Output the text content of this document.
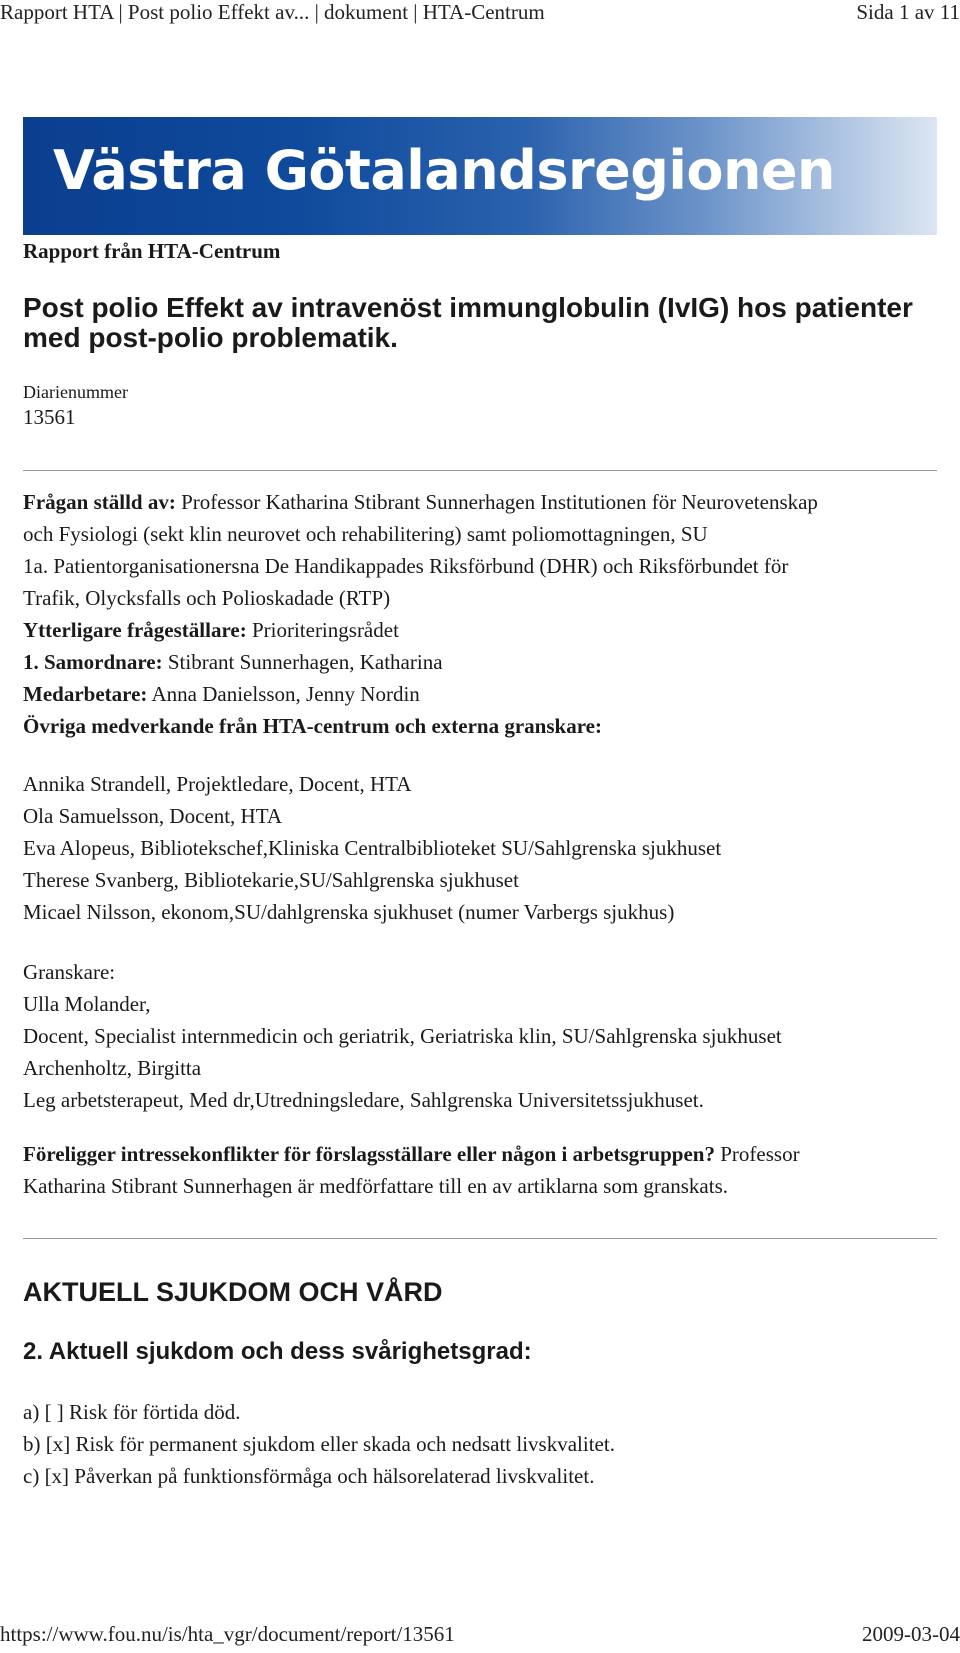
Rapport HTA | Post polio Effekt av... | dokument | HTA-Centrum	Sida 1 av 11
Västra Götalandsregionen
Rapport från HTA-Centrum
Post polio Effekt av intravenöst immunglobulin (IvIG) hos patienter med post-polio problematik.
Diarienummer
13561
Frågan ställd av: Professor Katharina Stibrant Sunnerhagen Institutionen för Neurovetenskap
och Fysiologi (sekt klin neurovet och rehabilitering) samt poliomottagningen, SU
1a. Patientorganisationersna De Handikappades Riksförbund (DHR) och Riksförbundet för
Trafik, Olycksfalls och Polioskadade (RTP)
Ytterligare frågeställare: Prioriteringsrådet
1. Samordnare: Stibrant Sunnerhagen, Katharina
Medarbetare: Anna Danielsson, Jenny Nordin
Övriga medverkande från HTA-centrum och externa granskare:
Annika Strandell, Projektledare, Docent, HTA
Ola Samuelsson, Docent, HTA
Eva Alopeus, Bibliotekschef,Kliniska Centralbiblioteket SU/Sahlgrenska sjukhuset
Therese Svanberg, Bibliotekarie,SU/Sahlgrenska sjukhuset
Micael Nilsson, ekonom,SU/dahlgrenska sjukhuset (numer Varbergs sjukhus)
Granskare:
Ulla Molander,
Docent, Specialist internmedicin och geriatrik, Geriatriska klin, SU/Sahlgrenska sjukhuset
Archenholtz, Birgitta
Leg arbetsterapeut, Med dr,Utredningsledare, Sahlgrenska Universitetssjukhuset.
Föreligger intressekonflikter för förslagsställare eller någon i arbetsgruppen? Professor
Katharina Stibrant Sunnerhagen är medförfattare till en av artiklarna som granskats.
AKTUELL SJUKDOM OCH VÅRD
2. Aktuell sjukdom och dess svårighetsgrad:
a) [ ] Risk för förtida död.
b) [x] Risk för permanent sjukdom eller skada och nedsatt livskvalitet.
c) [x] Påverkan på funktionsförmåga och hälsorelaterad livskvalitet.
https://www.fou.nu/is/hta_vgr/document/report/13561	2009-03-04
